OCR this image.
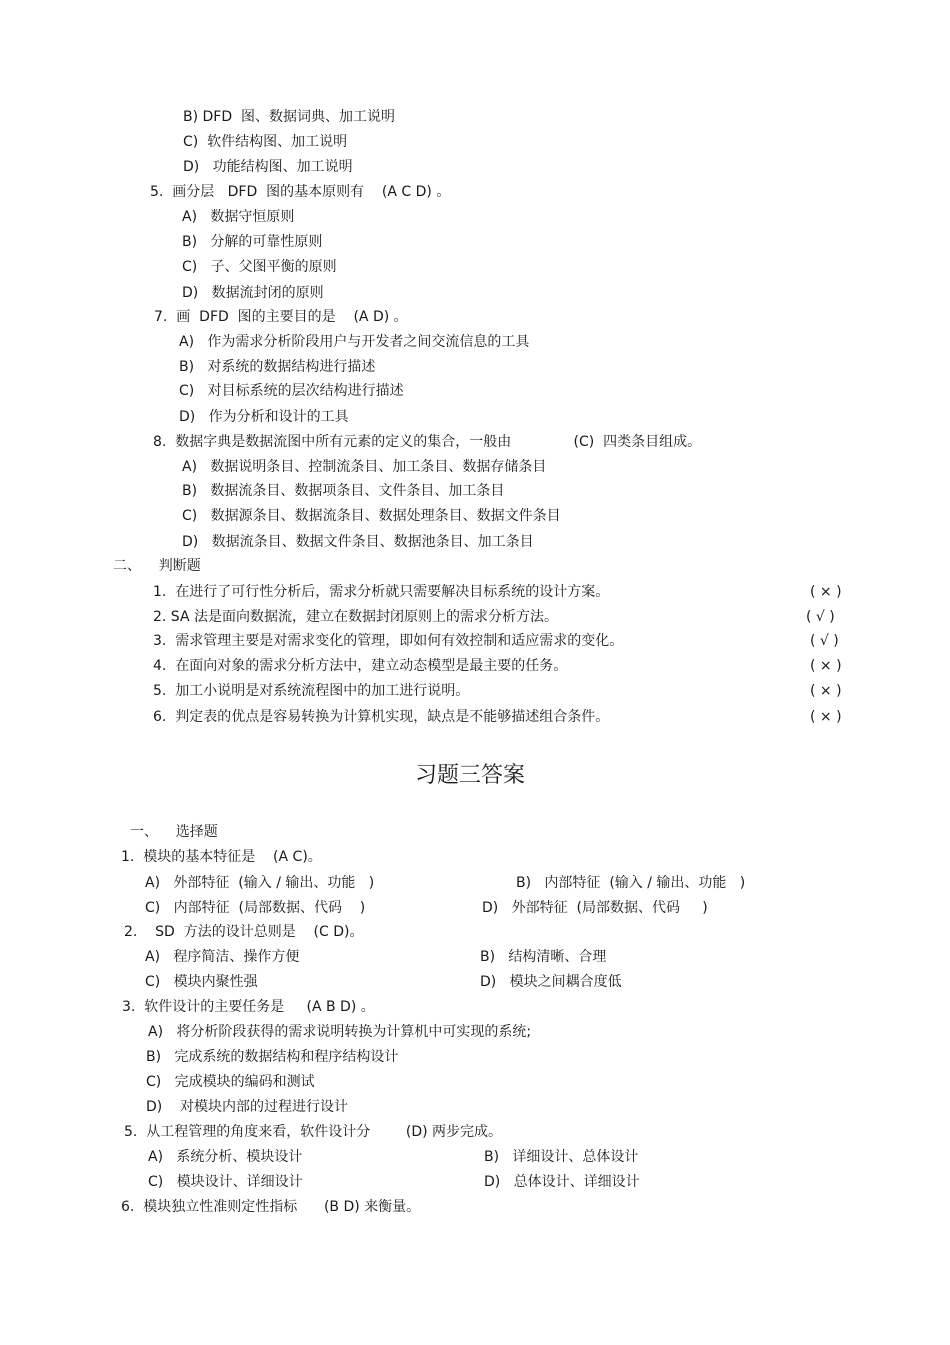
B) DFD  图、数据词典、加工说明
C)  软件结构图、加工说明
D)   功能结构图、加工说明
5.  画分层   DFD  图的基本原则有    (A C D) 。
A)   数据守恒原则
B)   分解的可靠性原则
C)   子、父图平衡的原则
D)   数据流封闭的原则
7.  画  DFD  图的主要目的是    (A D) 。
A)   作为需求分析阶段用户与开发者之间交流信息的工具
B)   对系统的数据结构进行描述
C)   对目标系统的层次结构进行描述
D)   作为分析和设计的工具
8.  数据字典是数据流图中所有元素的定义的集合，一般由              (C)  四类条目组成。
A)   数据说明条目、控制流条目、加工条目、数据存储条目
B)   数据流条目、数据项条目、文件条目、加工条目
C)   数据源条目、数据流条目、数据处理条目、数据文件条目
D)   数据流条目、数据文件条目、数据池条目、加工条目
二、    判断题
1.  在进行了可行性分析后，需求分析就只需要解决目标系统的设计方案。	( × )
2. SA 法是面向数据流，建立在数据封闭原则上的需求分析方法。	( √ )
3.  需求管理主要是对需求变化的管理，即如何有效控制和适应需求的变化。	( √ )
4.  在面向对象的需求分析方法中，建立动态模型是最主要的任务。	( × )
5.  加工小说明是对系统流程图中的加工进行说明。	( × )
6.  判定表的优点是容易转换为计算机实现，缺点是不能够描述组合条件。	( × )
习题三答案
一、    选择题
1.  模块的基本特征是    (A C)。
A)   外部特征  (输入 / 输出、功能   )	B)   内部特征  (输入 / 输出、功能   )
C)   内部特征  (局部数据、代码    )	D)   外部特征  (局部数据、代码     )
2.    SD  方法的设计总则是    (C D)。
A)   程序简洁、操作方便	B)   结构清晰、合理
C)   模块内聚性强	D)   模块之间耦合度低
3.  软件设计的主要任务是     (A B D) 。
A)   将分析阶段获得的需求说明转换为计算机中可实现的系统;
B)   完成系统的数据结构和程序结构设计
C)   完成模块的编码和测试
D)    对模块内部的过程进行设计
5.  从工程管理的角度来看，软件设计分        (D) 两步完成。
A)   系统分析、模块设计	B)   详细设计、总体设计
C)   模块设计、详细设计	D)   总体设计、详细设计
6.  模块独立性准则定性指标      (B D) 来衡量。
